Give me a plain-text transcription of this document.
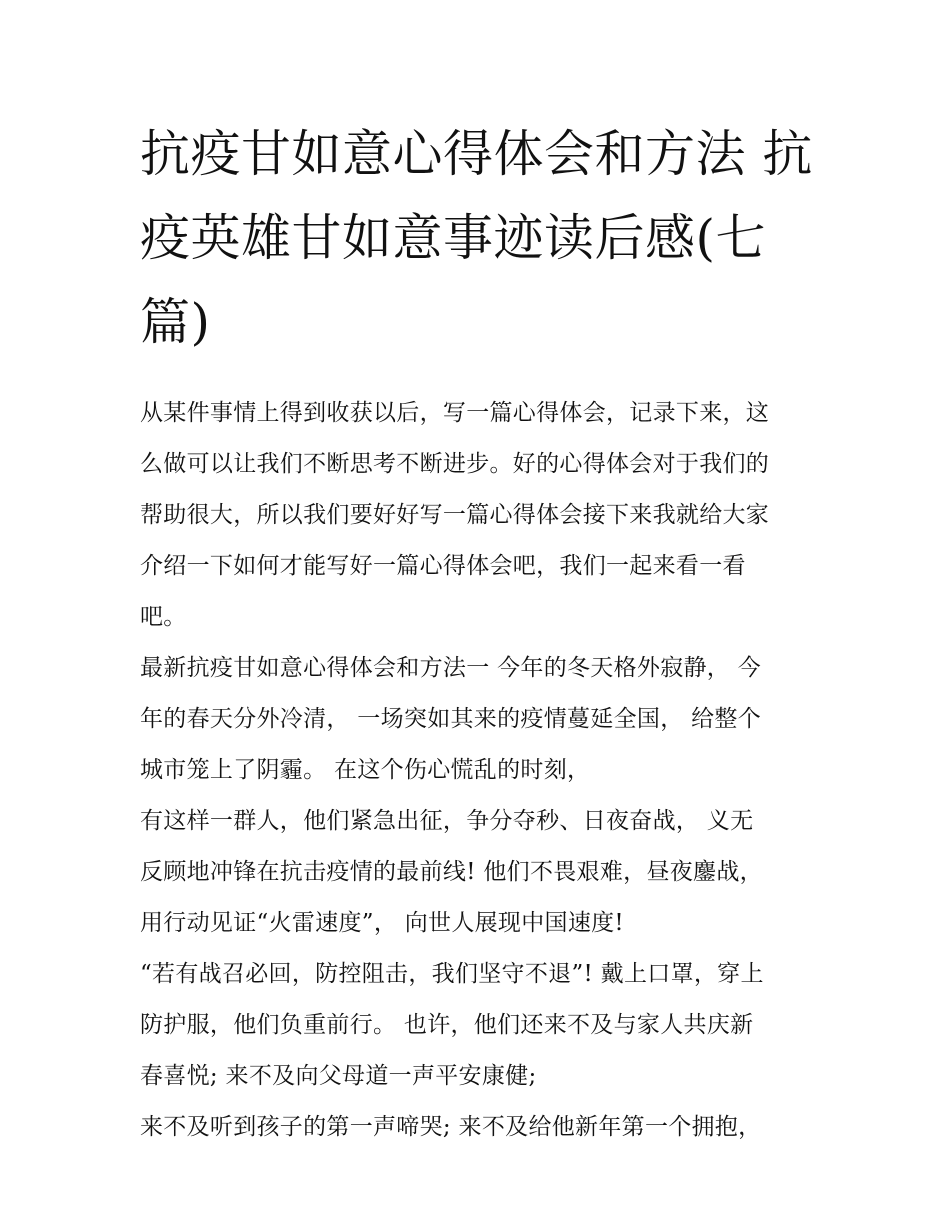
抗疫甘如意心得体会和方法 抗
疫英雄甘如意事迹读后感(七
篇)

从某件事情上得到收获以后，写一篇心得体会，记录下来，这
么做可以让我们不断思考不断进步。好的心得体会对于我们的
帮助很大，所以我们要好好写一篇心得体会接下来我就给大家
介绍一下如何才能写好一篇心得体会吧，我们一起来看一看
吧。

最新抗疫甘如意心得体会和方法一 今年的冬天格外寂静， 今
年的春天分外冷清， 一场突如其来的疫情蔓延全国， 给整个
城市笼上了阴霾。 在这个伤心慌乱的时刻，

有这样一群人，他们紧急出征，争分夺秒、日夜奋战， 义无
反顾地冲锋在抗击疫情的最前线! 他们不畏艰难，昼夜鏖战，
用行动见证“火雷速度”， 向世人展现中国速度!

“若有战召必回，防控阻击，我们坚守不退”! 戴上口罩，穿上
防护服，他们负重前行。 也许，他们还来不及与家人共庆新
春喜悦; 来不及向父母道一声平安康健;

来不及听到孩子的第一声啼哭; 来不及给他新年第一个拥抱，
